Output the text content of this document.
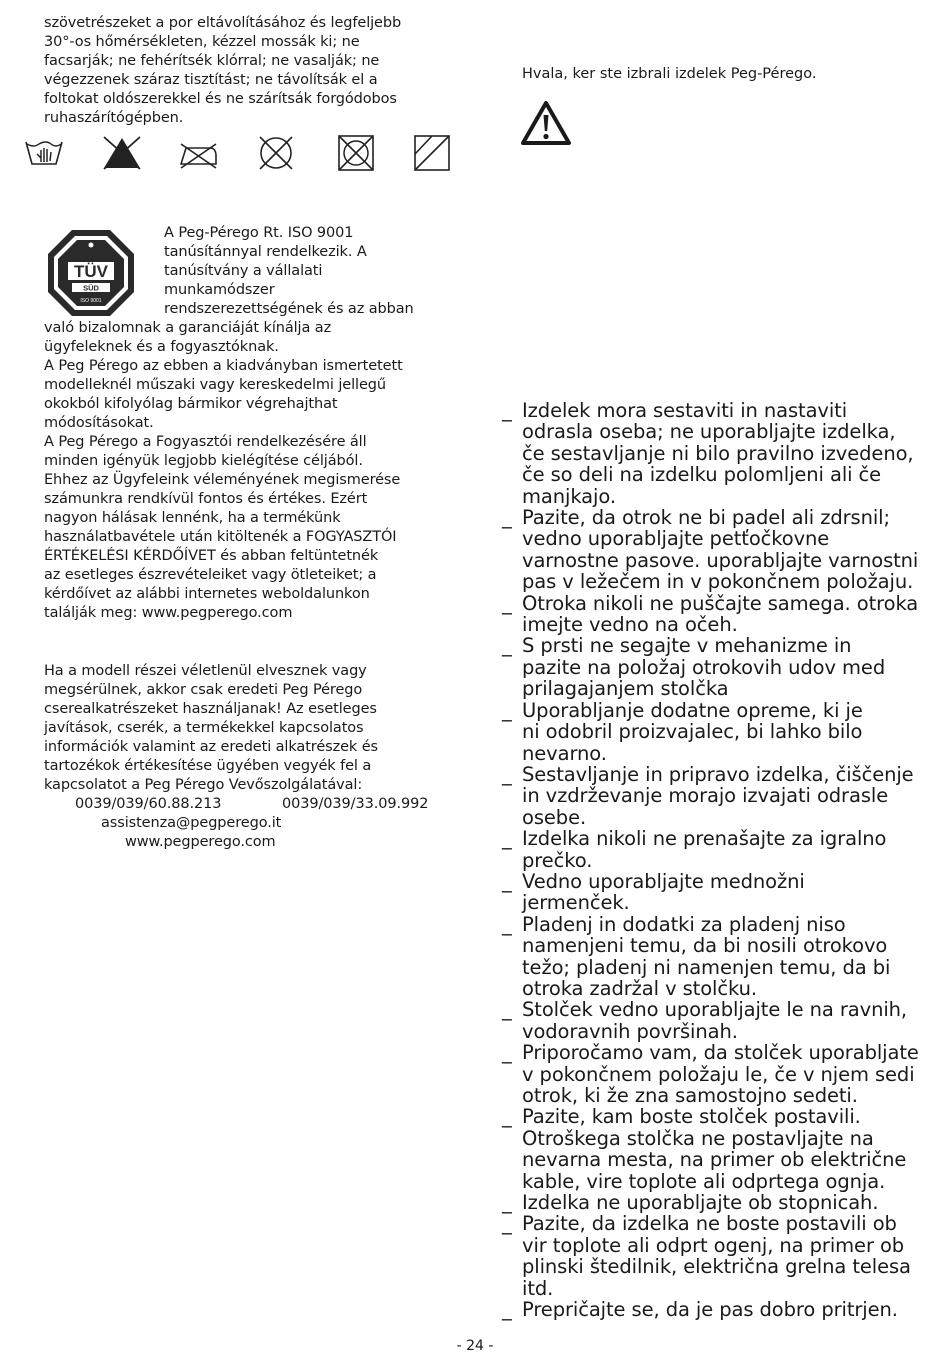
szövetrészeket a por eltávolításához és legfeljebb
30°-os hőmérsékleten, kézzel mossák ki; ne
facsarják; ne fehérítsék klórral; ne vasalják; ne
végezzenek száraz tisztítást; ne távolítsák el a
foltokat oldószerekkel és ne szárítsák forgódobos
ruhaszárítógépben.
TÜV
SÜD
ISO 9001
A Peg-Pérego Rt. ISO 9001
tanúsítánnyal rendelkezik. A
tanúsítvány a vállalati
munkamódszer
rendszerezettségének és az abban
való bizalomnak a garanciáját kínálja az
ügyfeleknek és a fogyasztóknak.
A Peg Pérego az ebben a kiadványban ismertetett
modelleknél műszaki vagy kereskedelmi jellegű
okokból kifolyólag bármikor végrehajthat
módosításokat.
A Peg Pérego a Fogyasztói rendelkezésére áll
minden igényük legjobb kielégítése céljából.
Ehhez az Ügyfeleink véleményének megismerése
számunkra rendkívül fontos és értékes. Ezért
nagyon hálásak lennénk, ha a termékünk
használatbavétele után kitöltenék a FOGYASZTÓI
ÉRTÉKELÉSI KÉRDŐÍVET és abban feltüntetnék
az esetleges észrevételeiket vagy ötleteiket; a
kérdőívet az alábbi internetes weboldalunkon
találják meg: www.pegperego.com
Ha a modell részei véletlenül elvesznek vagy
megsérülnek, akkor csak eredeti Peg Pérego
cserealkatrészeket használjanak! Az esetleges
javítások, cserék, a termékekkel kapcsolatos
információk valamint az eredeti alkatrészek és
tartozékok értékesítése ügyében vegyék fel a
kapcsolatot a Peg Pérego Vevőszolgálatával:
0039/039/60.88.213	0039/039/33.09.992

assistenza@pegperego.it

www.pegperego.com

Hvala, ker ste izbrali izdelek Peg-Pérego.
_ Izdelek mora sestaviti in nastaviti
odrasla oseba; ne uporabljajte izdelka,
če sestavljanje ni bilo pravilno izvedeno,
če so deli na izdelku polomljeni ali če
manjkajo.
_ Pazite, da otrok ne bi padel ali zdrsnil;
vedno uporabljajte petťočkovne
varnostne pasove. uporabljajte varnostni
pas v ležečem in v pokončnem položaju.
_ Otroka nikoli ne puščajte samega. otroka
imejte vedno na očeh.
_ S prsti ne segajte v mehanizme in
pazite na položaj otrokovih udov med
prilagajanjem stolčka
_ Uporabljanje dodatne opreme, ki je
ni odobril proizvajalec, bi lahko bilo
nevarno.
_ Sestavljanje in pripravo izdelka, čiščenje
in vzdrževanje morajo izvajati odrasle
osebe.
_ Izdelka nikoli ne prenašajte za igralno
prečko.
_ Vedno uporabljajte mednožni
jermenček.
_ Pladenj in dodatki za pladenj niso
namenjeni temu, da bi nosili otrokovo
težo; pladenj ni namenjen temu, da bi
otroka zadržal v stolčku.
_ Stolček vedno uporabljajte le na ravnih,
vodoravnih površinah.
_ Priporočamo vam, da stolček uporabljate
v pokončnem položaju le, če v njem sedi
otrok, ki že zna samostojno sedeti.
_ Pazite, kam boste stolček postavili.
Otroškega stolčka ne postavljajte na
nevarna mesta, na primer ob električne
kable, vire toplote ali odprtega ognja.
_ Izdelka ne uporabljajte ob stopnicah.
_ Pazite, da izdelka ne boste postavili ob
vir toplote ali odprt ogenj, na primer ob
plinski štedilnik, električna grelna telesa
itd.
_ Prepričajte se, da je pas dobro pritrjen.
- 24 -
